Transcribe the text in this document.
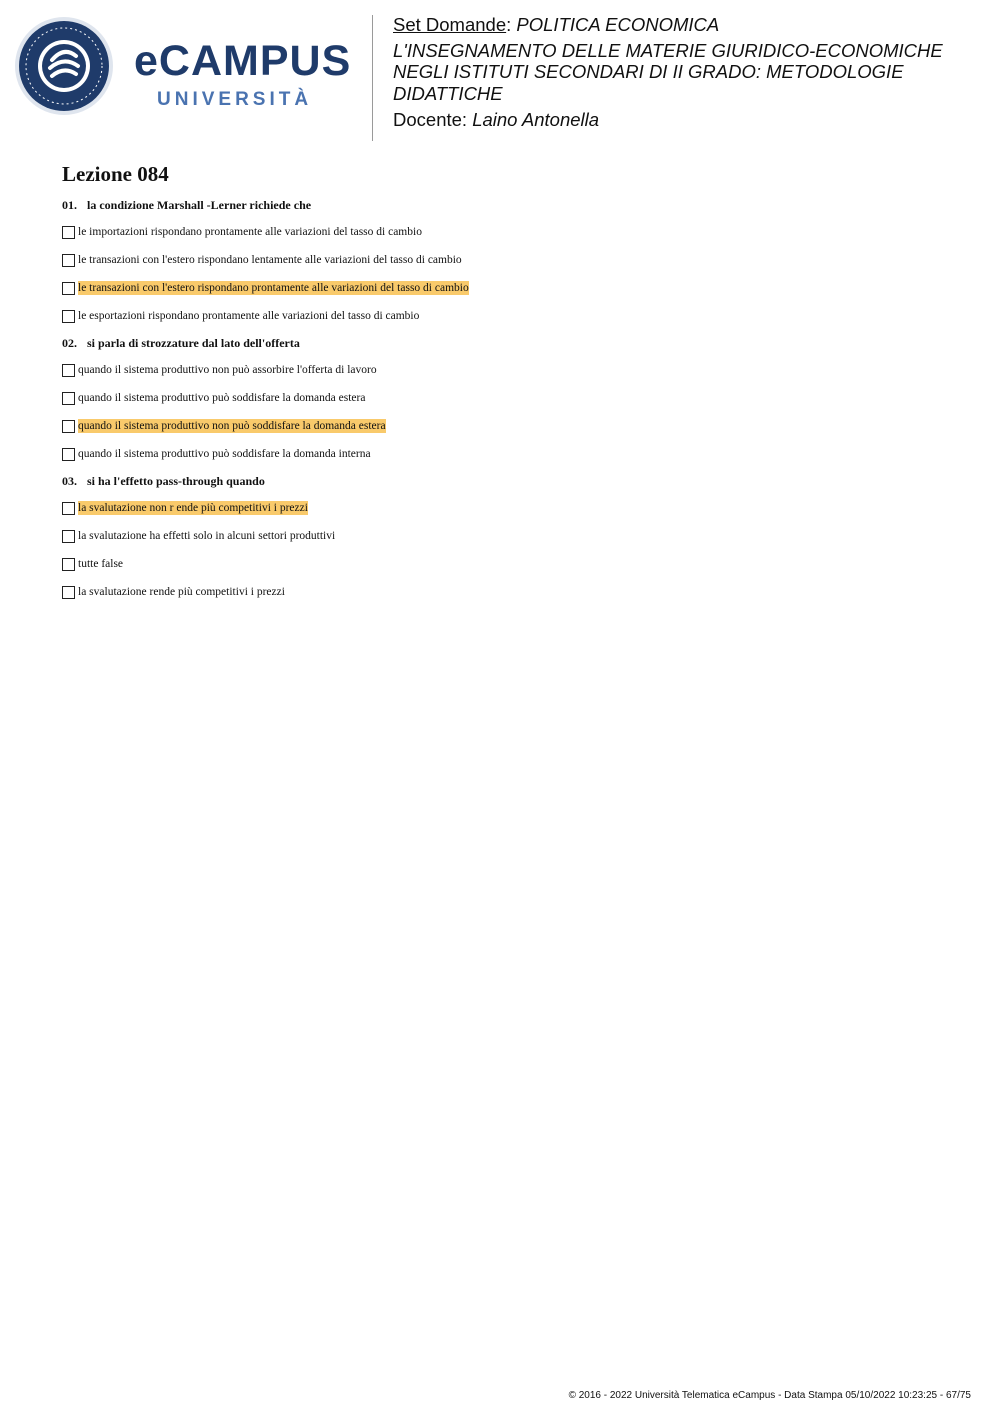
eCAMPUS
UNIVERSITÀ
Set Domande: POLITICA ECONOMICA
L'INSEGNAMENTO DELLE MATERIE GIURIDICO-ECONOMICHE NEGLI ISTITUTI SECONDARI DI II GRADO: METODOLOGIE DIDATTICHE
Docente: Laino Antonella
Lezione 084
01. la condizione Marshall -Lerner richiede che
le importazioni rispondano prontamente alle variazioni del tasso di cambio
le transazioni con l'estero rispondano lentamente alle variazioni del tasso di cambio
le transazioni con l'estero rispondano prontamente alle variazioni del tasso di cambio
le esportazioni rispondano prontamente alle variazioni del tasso di cambio
02. si parla di strozzature dal lato dell'offerta
quando il sistema produttivo non può assorbire l'offerta di lavoro
quando il sistema produttivo può soddisfare la domanda estera
quando il sistema produttivo non può soddisfare la domanda estera
quando il sistema produttivo può soddisfare la domanda interna
03. si ha l'effetto pass-through quando
la svalutazione non r ende più competitivi i prezzi
la svalutazione ha effetti solo in alcuni settori produttivi
tutte false
la svalutazione rende più competitivi i prezzi
© 2016 - 2022 Università Telematica eCampus - Data Stampa 05/10/2022 10:23:25 - 67/75
